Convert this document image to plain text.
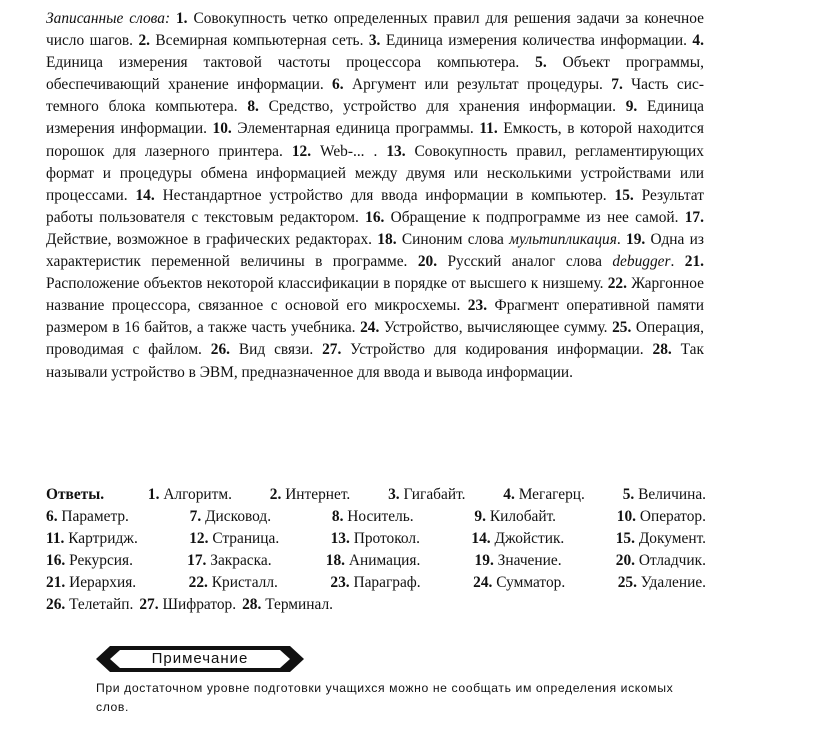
Записанные слова: 1. Совокупность четко определенных правил для решения задачи за конечное число шагов. 2. Всемирная компьютерная сеть. 3. Единица измерения количества информации. 4. Единица измерения тактовой частоты процессора компьютера. 5. Объект программы, обеспечивающий хранение информации. 6. Аргумент или результат процедуры. 7. Часть системного блока компьютера. 8. Средство, устройство для хранения информации. 9. Единица измерения информации. 10. Элементарная единица программы. 11. Емкость, в которой находится порошок для лазерного принтера. 12. Web-... . 13. Совокупность правил, регламентирующих формат и процедуры обмена информацией между двумя или несколькими устройствами или процессами. 14. Нестандартное устройство для ввода информации в компьютер. 15. Результат работы пользователя с текстовым редактором. 16. Обращение к подпрограмме из нее самой. 17. Действие, возможное в графических редакторах. 18. Синоним слова мультипликация. 19. Одна из характеристик переменной величины в программе. 20. Русский аналог слова debugger. 21. Расположение объектов некоторой классификации в порядке от высшего к низшему. 22. Жаргонное название процессора, связанное с основой его микросхемы. 23. Фрагмент оперативной памяти размером в 16 байтов, а также часть учебника. 24. Устройство, вычисляющее сумму. 25. Операция, проводимая с файлом. 26. Вид связи. 27. Устройство для кодирования информации. 28. Так называли устройство в ЭВМ, предназначенное для ввода и вывода информации.

Ответы.	1. Алгоритм. 2. Интернет. 3. Гигабайт. 4. Мегагерц. 5. Величина.
6. Параметр.	7. Дисковод.	8. Носитель.	9. Килобайт.	10. Оператор.
11. Картридж.	12. Страница.	13. Протокол.	14. Джойстик.	15. Документ.
16. Рекурсия.	17. Закраска.	18. Анимация.	19. Значение.	20. Отладчик.
21. Иерархия.	22. Кристалл.	23. Параграф.	24. Сумматор.	25. Удаление.
26. Телетайп. 27. Шифратор. 28. Терминал.
Примечание
При достаточном уровне подготовки учащихся можно не сообщать им определения искомых слов.
